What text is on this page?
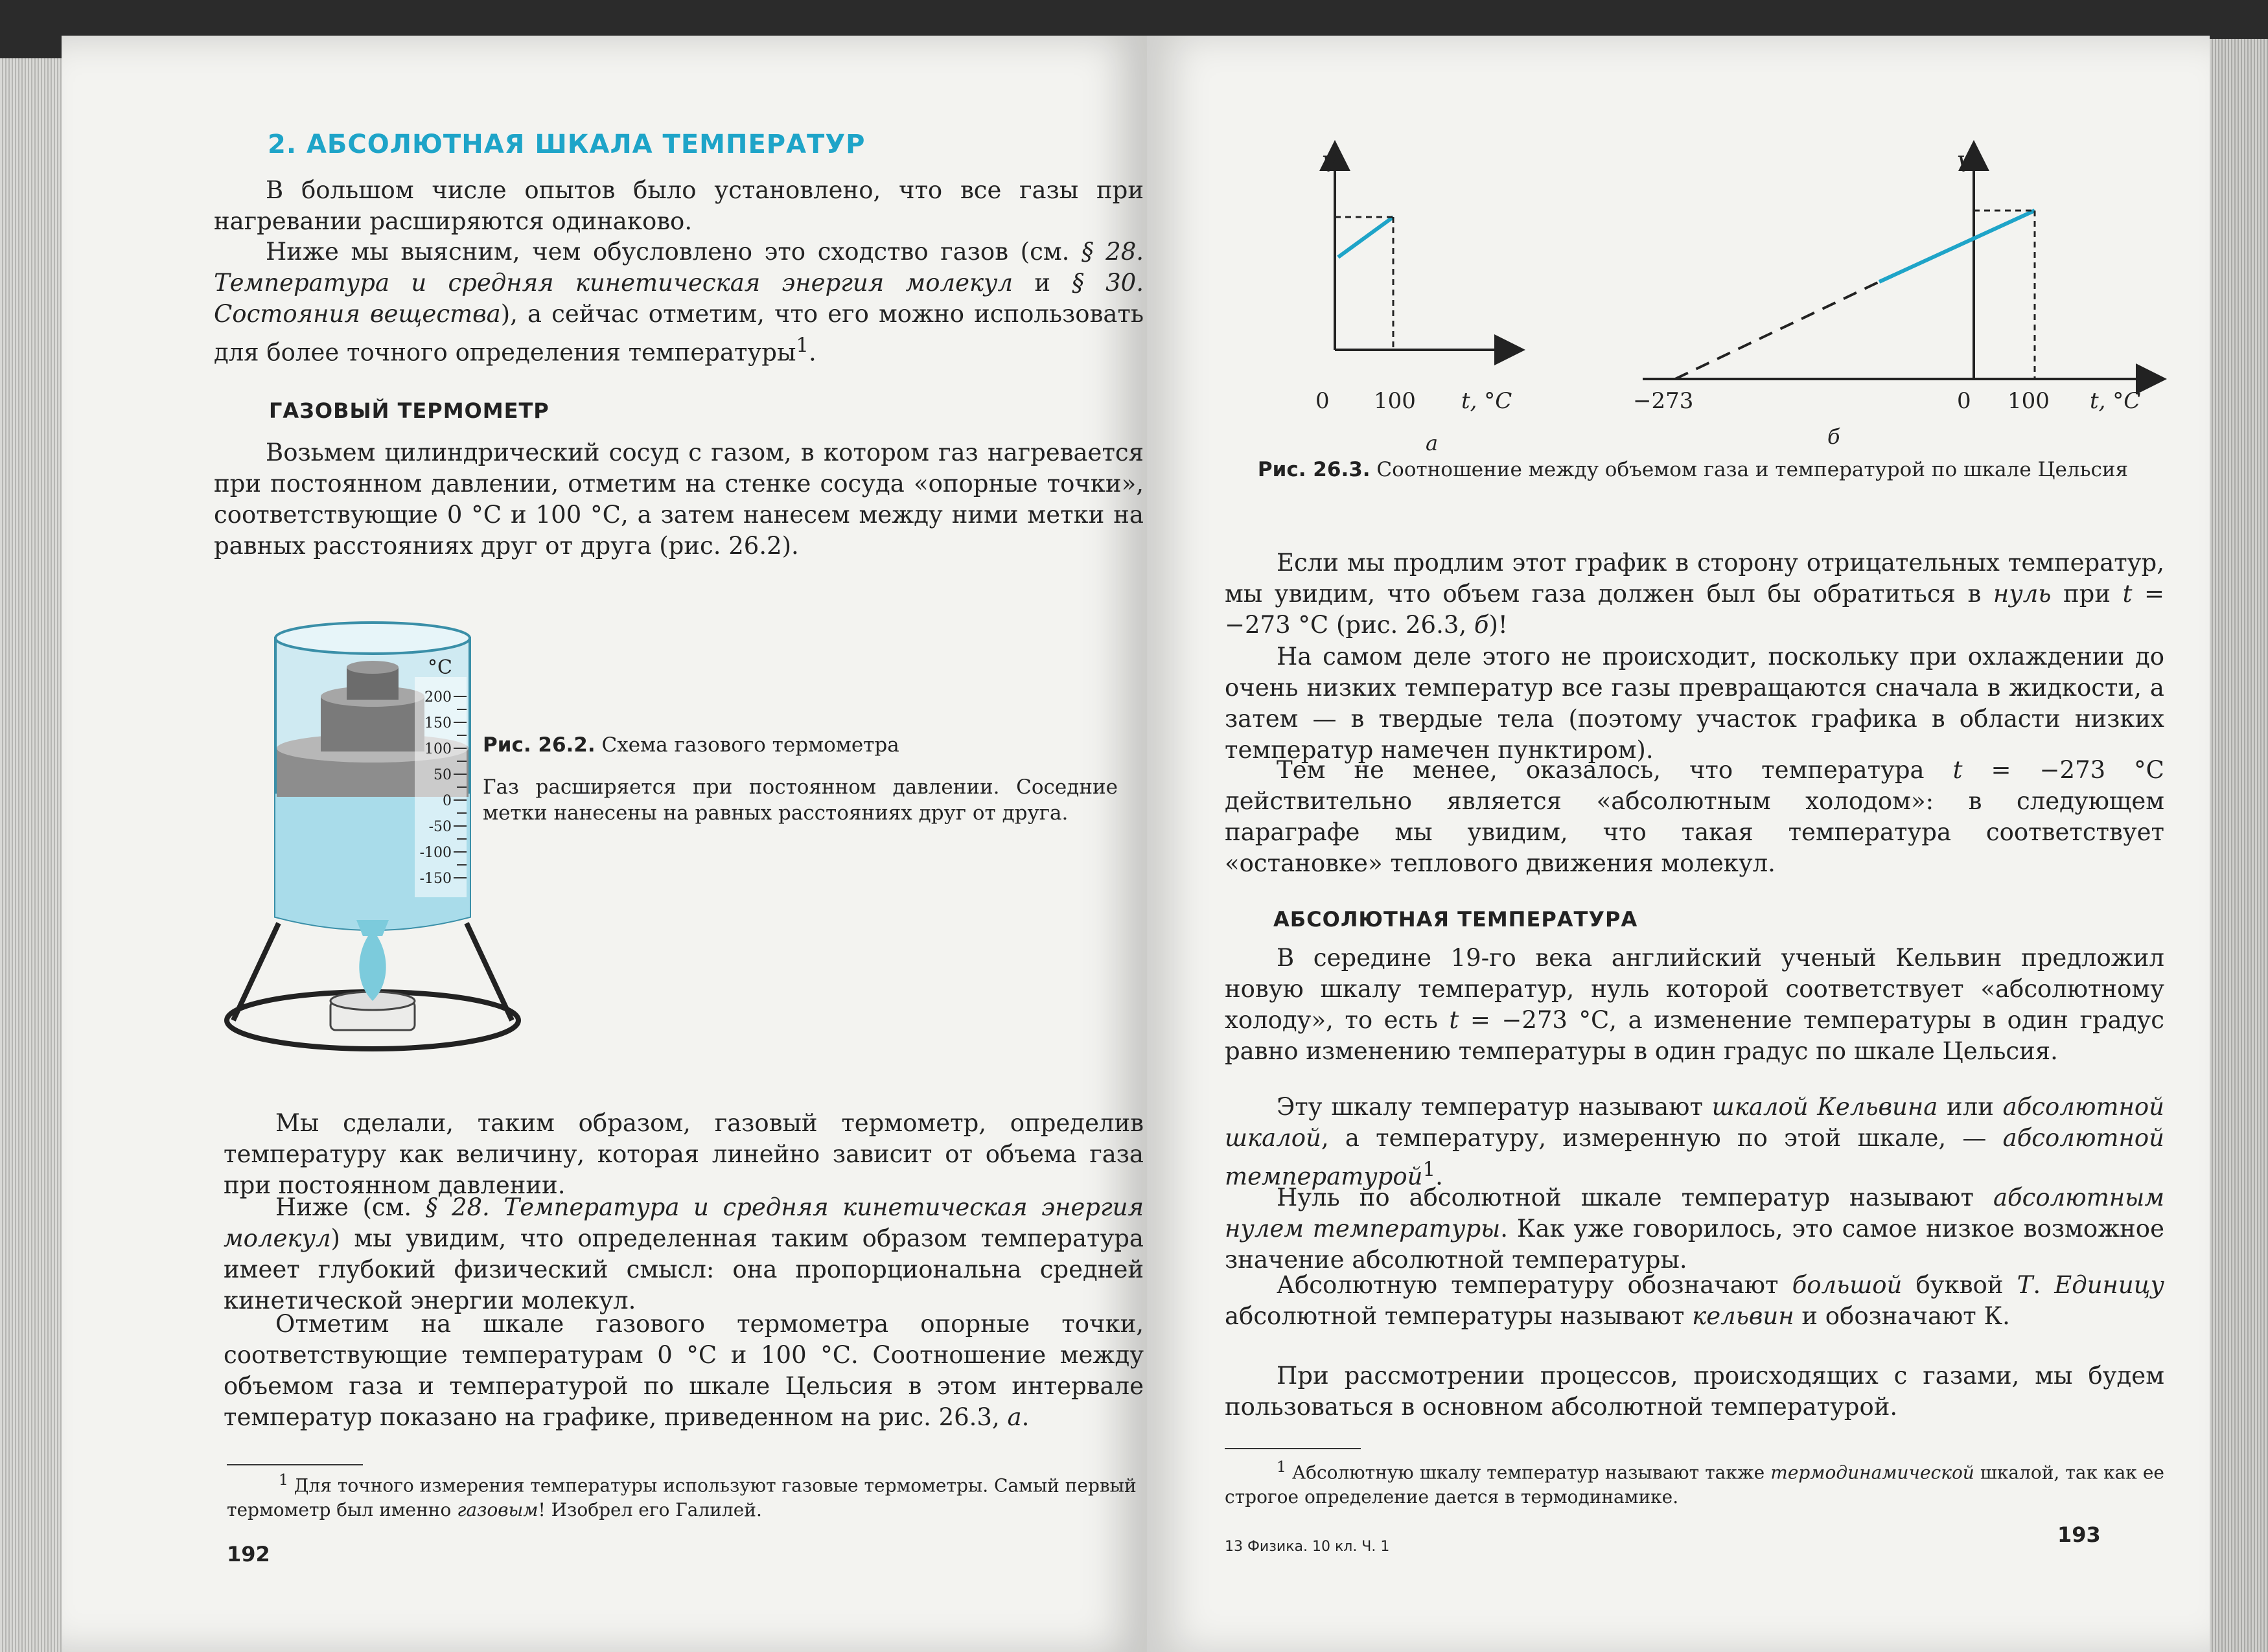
2. АБСОЛЮТНАЯ ШКАЛА ТЕМПЕРАТУР
В большом числе опытов было установлено, что все газы при нагревании расширяются одинаково.
Ниже мы выясним, чем обусловлено это сходство газов (см. § 28. Температура и средняя кинетическая энергия молекул и § 30. Состояния вещества), а сейчас отметим, что его можно использовать для более точного определения температуры$^1$.
ГАЗОВЫЙ ТЕРМОМЕТР
Возьмем цилиндрический сосуд с газом, в котором газ нагревается при постоянном давлении, отметим на стенке сосуда «опорные точки», соответствующие 0 °С и 100 °С, а затем нанесем между ними метки на равных расстояниях друг от друга (рис. 26.2).
°C
200
150
100
50
0
-50
-100
-150
Рис. 26.2. Схема газового термометра
Газ расширяется при постоянном давлении. Соседние метки нанесены на равных расстояниях друг от друга.
Мы сделали, таким образом, газовый термометр, определив температуру как величину, которая линейно зависит от объема газа при постоянном давлении.
Ниже (см. § 28. Температура и средняя кинетическая энергия молекул) мы увидим, что определенная таким образом температура имеет глубокий физический смысл: она пропорциональна средней кинетической энергии молекул.
Отметим на шкале газового термометра опорные точки, соответствующие температурам 0 °С и 100 °С. Соотношение между объемом газа и температурой по шкале Цельсия в этом интервале температур показано на графике, приведенном на рис. 26.3, а.
$^1$ Для точного измерения температуры используют газовые термометры. Самый первый термометр был именно газовым! Изобрел его Галилей.
192
V
0 100 t, °C
а
V
−273	0 100 t, °C
б
Рис. 26.3. Соотношение между объемом газа и температурой по шкале Цельсия
Если мы продлим этот график в сторону отрицательных температур, мы увидим, что объем газа должен был бы обратиться в нуль при t = −273 °С (рис. 26.3, б)!
На самом деле этого не происходит, поскольку при охлаждении до очень низких температур все газы превращаются сначала в жидкости, а затем — в твердые тела (поэтому участок графика в области низких температур намечен пунктиром).
Тем не менее, оказалось, что температура t = −273 °С действительно является «абсолютным холодом»: в следующем параграфе мы увидим, что такая температура соответствует «остановке» теплового движения молекул.
АБСОЛЮТНАЯ ТЕМПЕРАТУРА
В середине 19-го века английский ученый Кельвин предложил новую шкалу температур, нуль которой соответствует «абсолютному холоду», то есть t = −273 °С, а изменение температуры в один градус равно изменению температуры в один градус по шкале Цельсия.
Эту шкалу температур называют шкалой Кельвина или абсолютной шкалой, а температуру, измеренную по этой шкале, — абсолютной температурой$^1$.
Нуль по абсолютной шкале температур называют абсолютным нулем температуры. Как уже говорилось, это самое низкое возможное значение абсолютной температуры.
Абсолютную температуру обозначают большой буквой Т. Единицу абсолютной температуры называют кельвин и обозначают К.
При рассмотрении процессов, происходящих с газами, мы будем пользоваться в основном абсолютной температурой.
$^1$ Абсолютную шкалу температур называют также термодинамической шкалой, так как ее строгое определение дается в термодинамике.
13 Физика. 10 кл. Ч. 1	193
